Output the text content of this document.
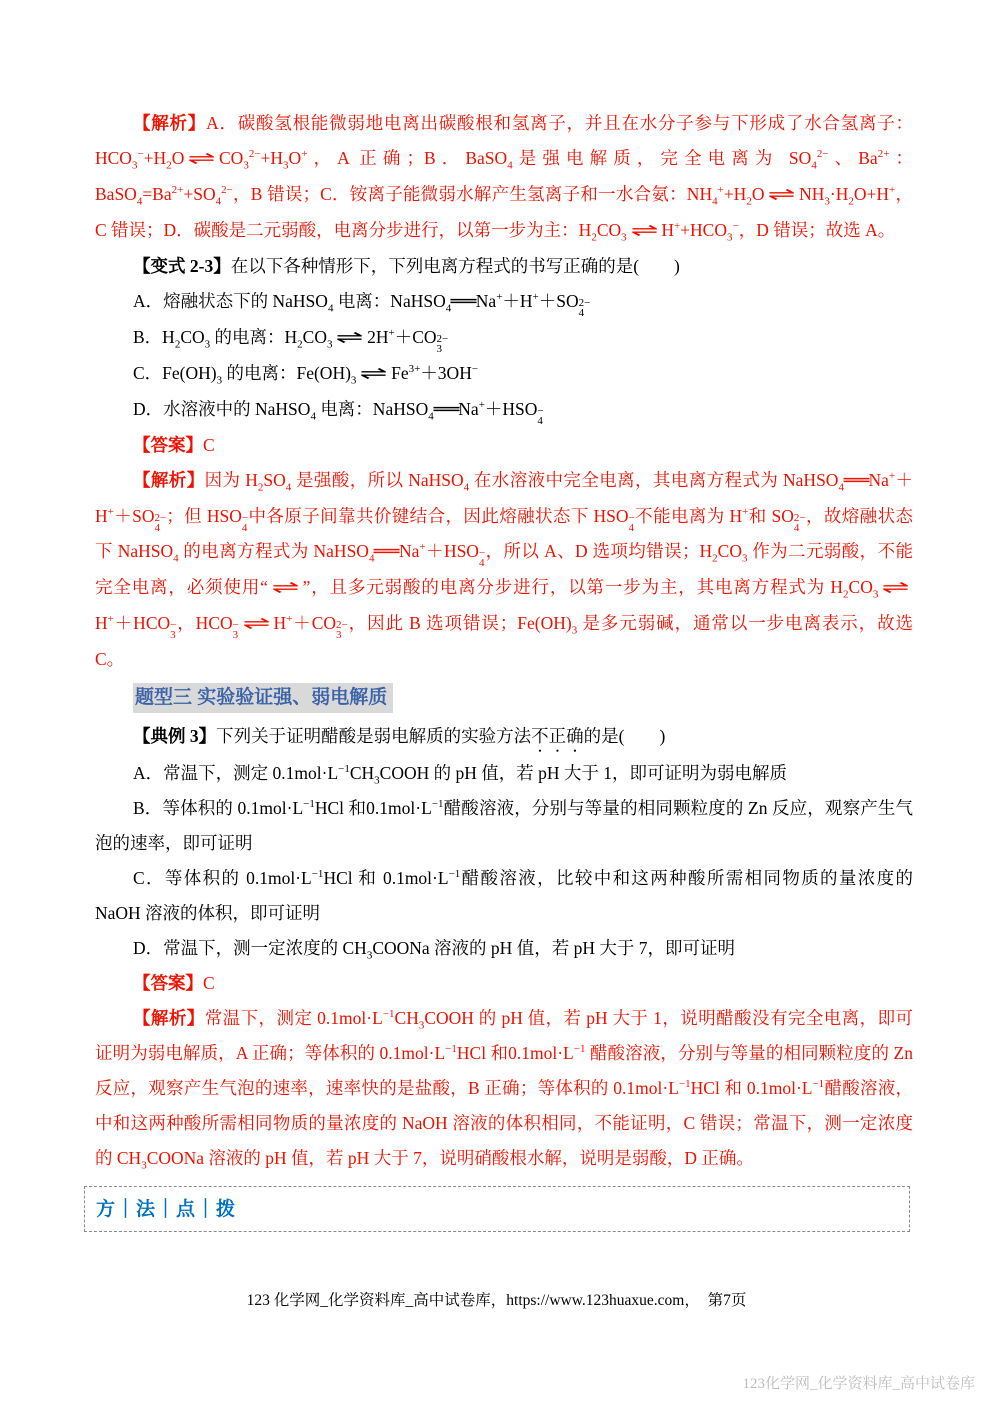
【解析】A．碳酸氢根能微弱地电离出碳酸根和氢离子，并且在水分子参与下形成了水合氢离子：$HCO_3^-+H_2O$ ⇌ $CO_3^{2-}+H_3O^+$，A 正确；B．BaSO$_4$是强电解质，完全电离为 $SO_4^{2-}$、$Ba^{2+}$：$BaSO_4=Ba^{2+}+SO_4^{2-}$，B 错误；C．铵离子能微弱水解产生氢离子和一水合氨：$NH_4^++H_2O$ ⇌ $NH_3\cdot H_2O+H^+$，C 错误；D．碳酸是二元弱酸，电离分步进行，以第一步为主：$H_2CO_3$ ⇌ $H^++HCO_3^-$，D 错误；故选 A。

【变式 2-3】在以下各种情形下，下列电离方程式的书写正确的是(　　)

A．熔融状态下的 NaHSO$_4$ 电离：NaHSO$_4$═Na+＋H+＋SO 2−
4

B．$H_2CO_3$ 的电离：$H_2CO_3$ ⇌ 2H+＋CO 2−
3

C．$Fe(OH)_3$ 的电离：$Fe(OH)_3$ ⇌ $Fe^{3+}+3OH^-$

D．水溶液中的 NaHSO$_4$ 电离：NaHSO$_4$═Na+＋HSO −
4

【答案】C

【解析】因为 $H_2SO_4$ 是强酸，所以 NaHSO$_4$ 在水溶液中完全电离，其电离方程式为 NaHSO$_4$═Na+＋H+＋SO 2−
4
；但 HSO −
4
中各原子间靠共价键结合，因此熔融状态下 HSO −
4
不能电离为 H+和 SO 2−
4
，故熔融状态下 NaHSO$_4$ 的电离方程式为 NaHSO$_4$═Na+＋HSO −
4
，所以 A、D 选项均错误；$H_2CO_3$ 作为二元弱酸，不能完全电离，必须使用“ ⇌ ”，且多元弱酸的电离分步进行，以第一步为主，其电离方程式为 $H_2CO_3$ ⇌H+＋HCO −
3
，HCO −
3
⇌ H+＋CO 2−
3
，因此 B 选项错误；$Fe(OH)_3$ 是多元弱碱，通常以一步电离表示，故选 C。

题型三 实验验证强、弱电解质

【典例 3】下列关于证明醋酸是弱电解质的实验方法不正确的是(　　)

A．常温下，测定 $0.1mol\cdot L^{-1}CH_3COOH$ 的 pH 值，若 pH 大于 1，即可证明为弱电解质

B．等体积的 $0.1mol\cdot L^{-1}HCl$ 和$0.1mol\cdot L^{-1}$醋酸溶液，分别与等量的相同颗粒度的 Zn 反应，观察产生气泡的速率，即可证明

C．等体积的 $0.1mol\cdot L^{-1}HCl$ 和 $0.1mol\cdot L^{-1}$醋酸溶液，比较中和这两种酸所需相同物质的量浓度的 NaOH 溶液的体积，即可证明

D．常温下，测一定浓度的 $CH_3COONa$ 溶液的 pH 值，若 pH 大于 7，即可证明

【答案】C

【解析】常温下，测定 $0.1mol\cdot L^{-1}CH_3COOH$ 的 pH 值，若 pH 大于 1，说明醋酸没有完全电离，即可证明为弱电解质，A 正确；等体积的 $0.1mol\cdot L^{-1}HCl$ 和$0.1mol\cdot L^{-1}$ 醋酸溶液，分别与等量的相同颗粒度的 Zn 反应，观察产生气泡的速率，速率快的是盐酸，B 正确；等体积的 $0.1mol\cdot L^{-1}HCl$ 和 $0.1mol\cdot L^{-1}$醋酸溶液，中和这两种酸所需相同物质的量浓度的 NaOH 溶液的体积相同，不能证明，C 错误；常温下，测一定浓度的 $CH_3COONa$ 溶液的 pH 值，若 pH 大于 7，说明硝酸根水解，说明是弱酸，D 正确。

方｜法｜点｜拨
123 化学网_化学资料库_高中试卷库，https://www.123huaxue.com，　第7页
123化学网_化学资料库_高中试卷库
